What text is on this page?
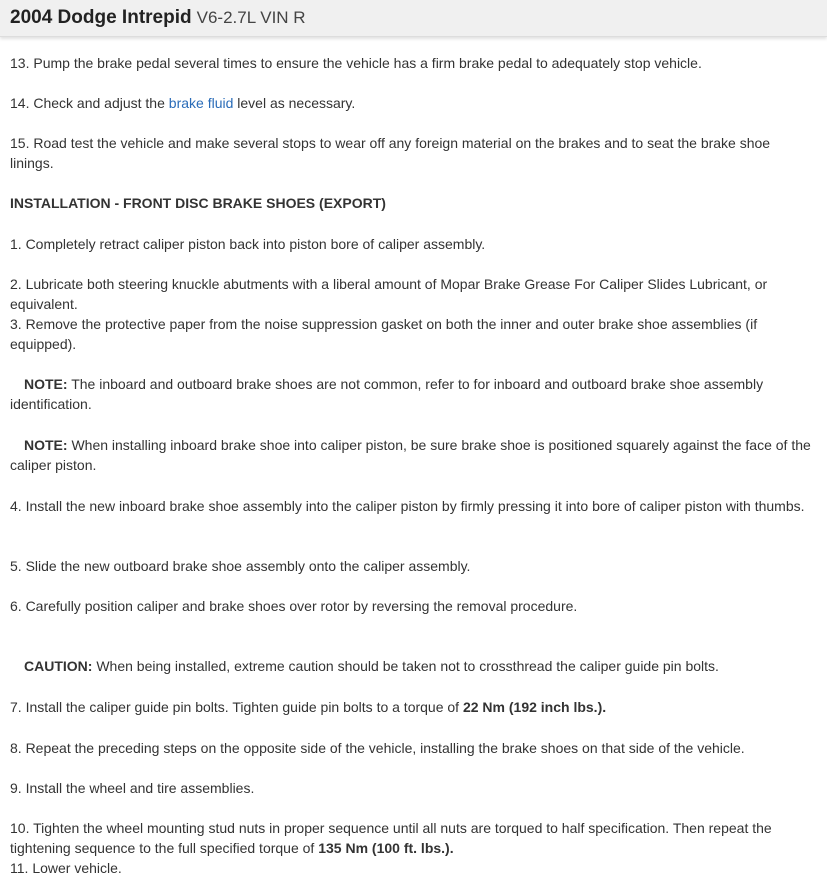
2004 Dodge Intrepid V6-2.7L VIN R

13. Pump the brake pedal several times to ensure the vehicle has a firm brake pedal to adequately stop vehicle.

14. Check and adjust the brake fluid level as necessary.

15. Road test the vehicle and make several stops to wear off any foreign material on the brakes and to seat the brake shoe linings.

INSTALLATION - FRONT DISC BRAKE SHOES (EXPORT)

1. Completely retract caliper piston back into piston bore of caliper assembly.

2. Lubricate both steering knuckle abutments with a liberal amount of Mopar Brake Grease For Caliper Slides Lubricant, or equivalent.

3. Remove the protective paper from the noise suppression gasket on both the inner and outer brake shoe assemblies (if equipped).

NOTE: The inboard and outboard brake shoes are not common, refer to for inboard and outboard brake shoe assembly identification.

NOTE: When installing inboard brake shoe into caliper piston, be sure brake shoe is positioned squarely against the face of the caliper piston.

4. Install the new inboard brake shoe assembly into the caliper piston by firmly pressing it into bore of caliper piston with thumbs.

5. Slide the new outboard brake shoe assembly onto the caliper assembly.

6. Carefully position caliper and brake shoes over rotor by reversing the removal procedure.

CAUTION: When being installed, extreme caution should be taken not to crossthread the caliper guide pin bolts.

7. Install the caliper guide pin bolts. Tighten guide pin bolts to a torque of 22 Nm (192 inch lbs.).

8. Repeat the preceding steps on the opposite side of the vehicle, installing the brake shoes on that side of the vehicle.

9. Install the wheel and tire assemblies.

10. Tighten the wheel mounting stud nuts in proper sequence until all nuts are torqued to half specification. Then repeat the tightening sequence to the full specified torque of 135 Nm (100 ft. lbs.).

11. Lower vehicle.
